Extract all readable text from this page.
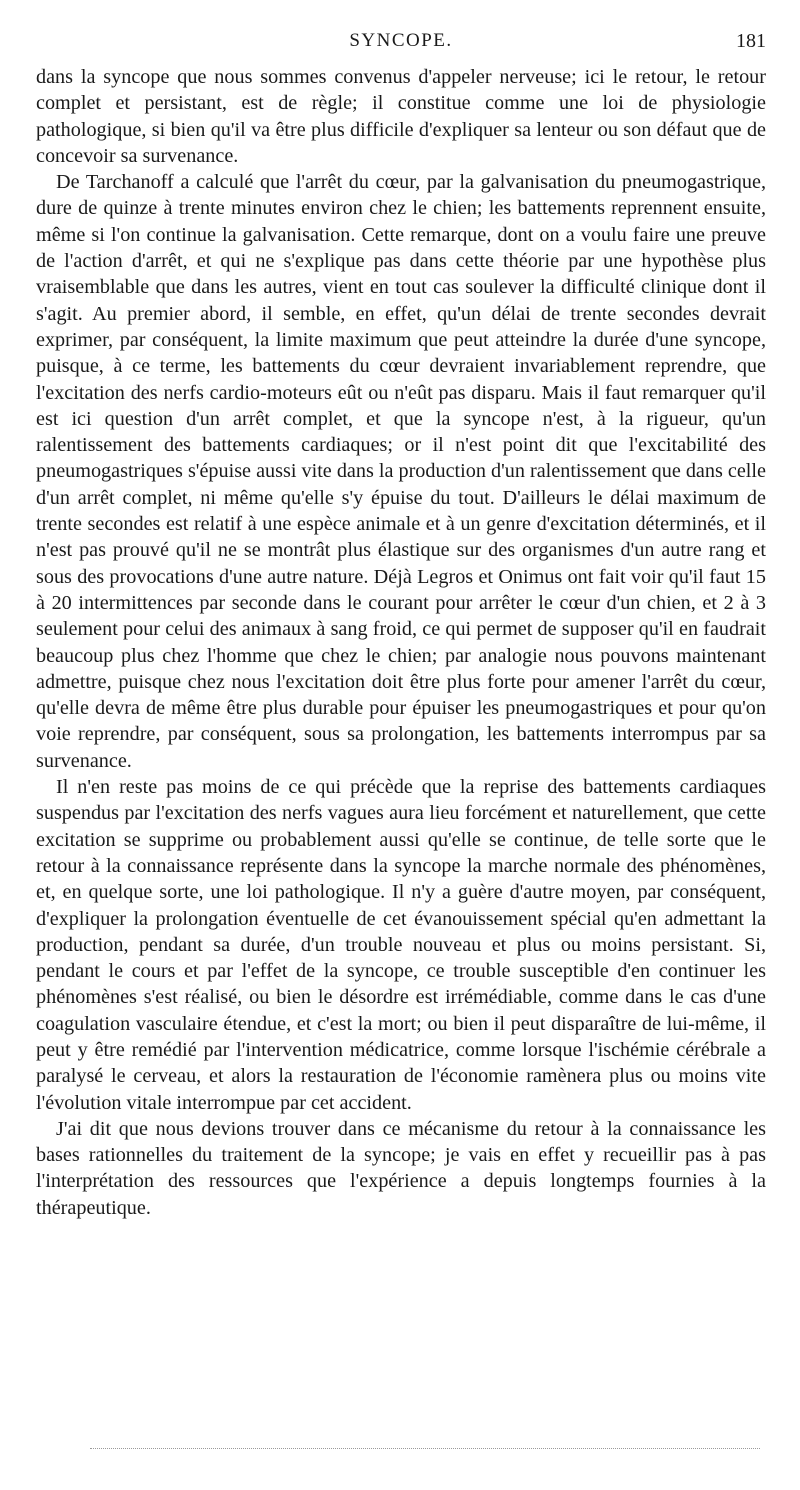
SYNCOPE.	181

dans la syncope que nous sommes convenus d'appeler nerveuse; ici le retour, le retour complet et persistant, est de règle; il constitue comme une loi de physiologie pathologique, si bien qu'il va être plus difficile d'expliquer sa lenteur ou son défaut que de concevoir sa survenance.

De Tarchanoff a calculé que l'arrêt du cœur, par la galvanisation du pneumogastrique, dure de quinze à trente minutes environ chez le chien; les battements reprennent ensuite, même si l'on continue la galvanisation. Cette remarque, dont on a voulu faire une preuve de l'action d'arrêt, et qui ne s'explique pas dans cette théorie par une hypothèse plus vraisemblable que dans les autres, vient en tout cas soulever la difficulté clinique dont il s'agit. Au premier abord, il semble, en effet, qu'un délai de trente secondes devrait exprimer, par conséquent, la limite maximum que peut atteindre la durée d'une syncope, puisque, à ce terme, les battements du cœur devraient invariablement reprendre, que l'excitation des nerfs cardio-moteurs eût ou n'eût pas disparu. Mais il faut remarquer qu'il est ici question d'un arrêt complet, et que la syncope n'est, à la rigueur, qu'un ralentissement des battements cardiaques; or il n'est point dit que l'excitabilité des pneumogastriques s'épuise aussi vite dans la production d'un ralentissement que dans celle d'un arrêt complet, ni même qu'elle s'y épuise du tout. D'ailleurs le délai maximum de trente secondes est relatif à une espèce animale et à un genre d'excitation déterminés, et il n'est pas prouvé qu'il ne se montrât plus élastique sur des organismes d'un autre rang et sous des provocations d'une autre nature. Déjà Legros et Onimus ont fait voir qu'il faut 15 à 20 intermittences par seconde dans le courant pour arrêter le cœur d'un chien, et 2 à 3 seulement pour celui des animaux à sang froid, ce qui permet de supposer qu'il en faudrait beaucoup plus chez l'homme que chez le chien; par analogie nous pouvons maintenant admettre, puisque chez nous l'excitation doit être plus forte pour amener l'arrêt du cœur, qu'elle devra de même être plus durable pour épuiser les pneumogastriques et pour qu'on voie reprendre, par conséquent, sous sa prolongation, les battements interrompus par sa survenance.

Il n'en reste pas moins de ce qui précède que la reprise des battements cardiaques suspendus par l'excitation des nerfs vagues aura lieu forcément et naturellement, que cette excitation se supprime ou probablement aussi qu'elle se continue, de telle sorte que le retour à la connaissance représente dans la syncope la marche normale des phénomènes, et, en quelque sorte, une loi pathologique. Il n'y a guère d'autre moyen, par conséquent, d'expliquer la prolongation éventuelle de cet évanouissement spécial qu'en admettant la production, pendant sa durée, d'un trouble nouveau et plus ou moins persistant. Si, pendant le cours et par l'effet de la syncope, ce trouble susceptible d'en continuer les phénomènes s'est réalisé, ou bien le désordre est irrémédiable, comme dans le cas d'une coagulation vasculaire étendue, et c'est la mort; ou bien il peut disparaître de lui-même, il peut y être remédié par l'intervention médicatrice, comme lorsque l'ischémie cérébrale a paralysé le cerveau, et alors la restauration de l'économie ramènera plus ou moins vite l'évolution vitale interrompue par cet accident.

J'ai dit que nous devions trouver dans ce mécanisme du retour à la connaissance les bases rationnelles du traitement de la syncope; je vais en effet y recueillir pas à pas l'interprétation des ressources que l'expérience a depuis longtemps fournies à la thérapeutique.
